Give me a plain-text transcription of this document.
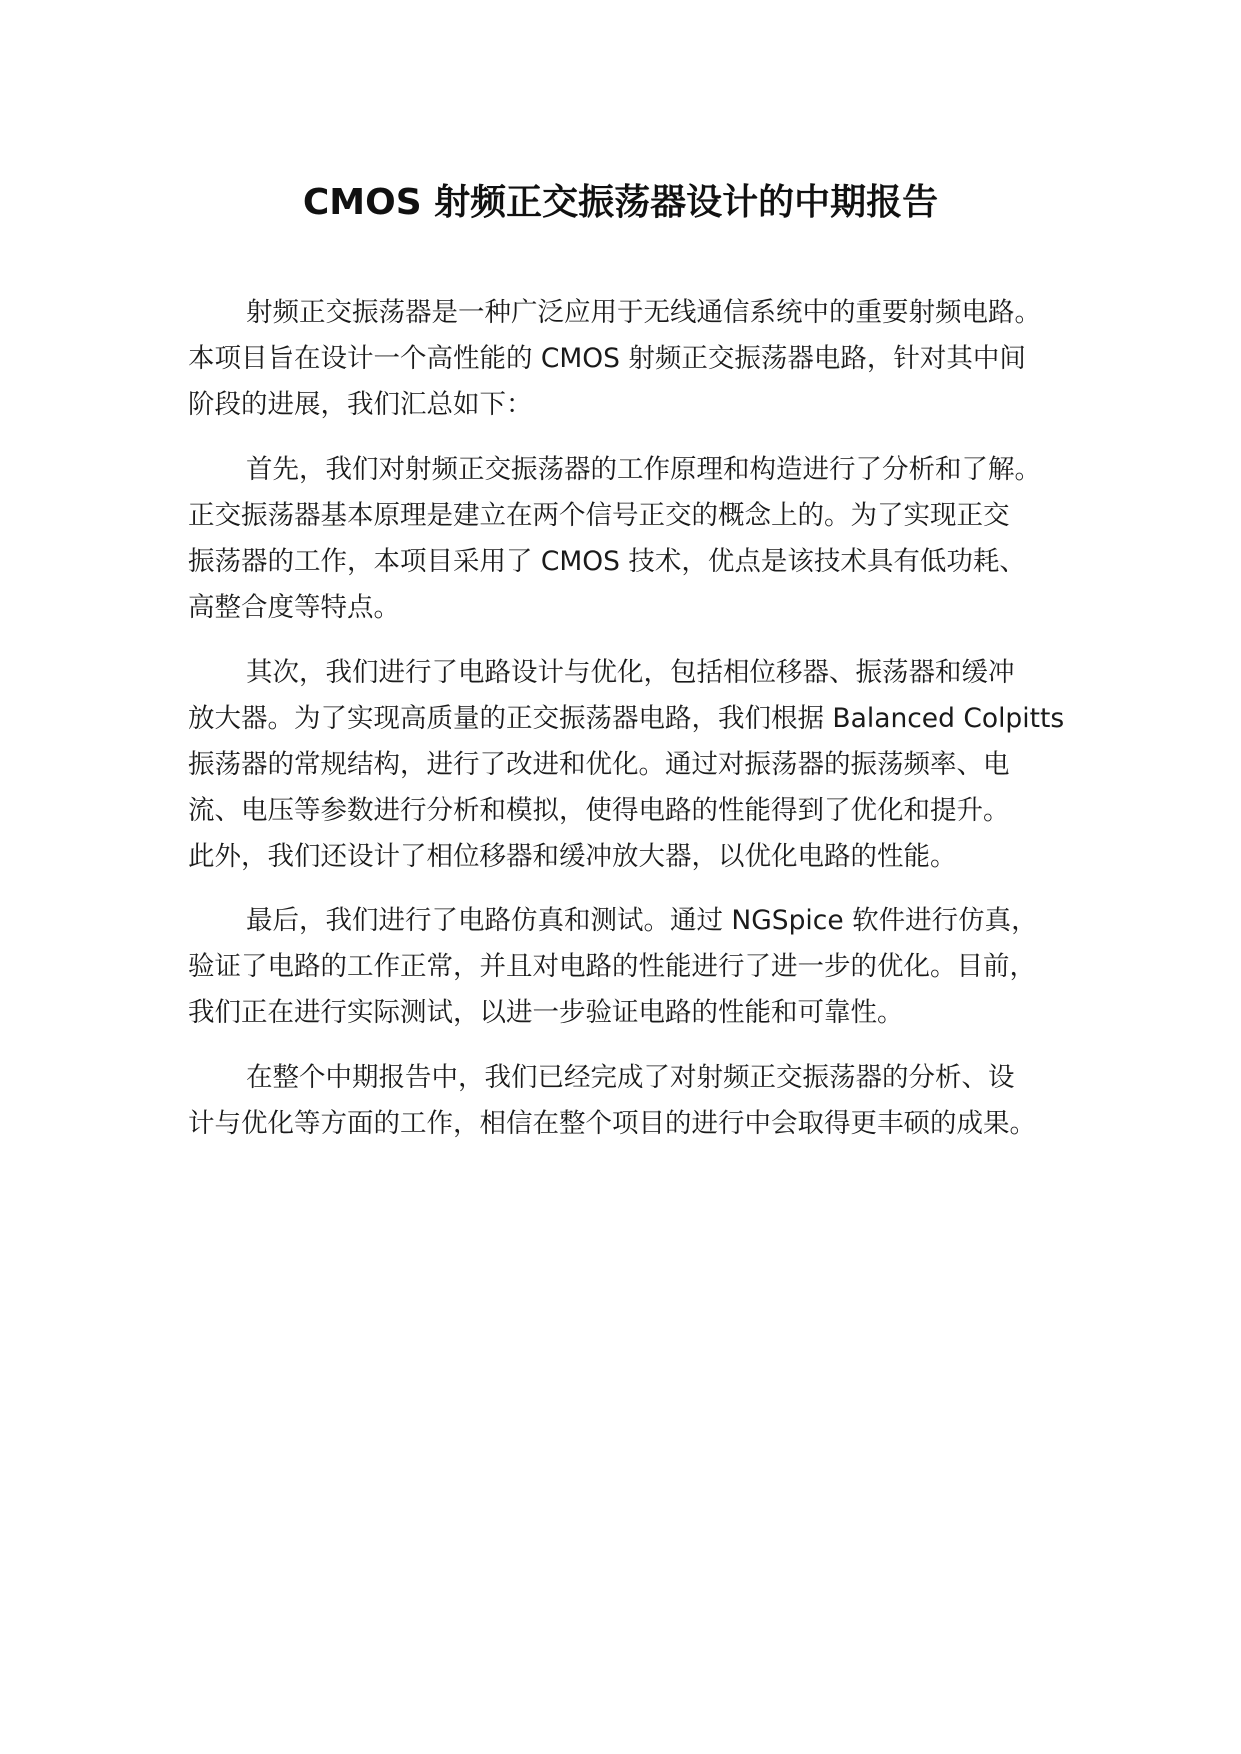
CMOS 射频正交振荡器设计的中期报告
射频正交振荡器是一种广泛应用于无线通信系统中的重要射频电路。
本项目旨在设计一个高性能的 CMOS 射频正交振荡器电路，针对其中间
阶段的进展，我们汇总如下：
首先，我们对射频正交振荡器的工作原理和构造进行了分析和了解。
正交振荡器基本原理是建立在两个信号正交的概念上的。为了实现正交
振荡器的工作，本项目采用了 CMOS 技术，优点是该技术具有低功耗、
高整合度等特点。
其次，我们进行了电路设计与优化，包括相位移器、振荡器和缓冲
放大器。为了实现高质量的正交振荡器电路，我们根据 Balanced Colpitts
振荡器的常规结构，进行了改进和优化。通过对振荡器的振荡频率、电
流、电压等参数进行分析和模拟，使得电路的性能得到了优化和提升。
此外，我们还设计了相位移器和缓冲放大器，以优化电路的性能。
最后，我们进行了电路仿真和测试。通过 NGSpice 软件进行仿真，
验证了电路的工作正常，并且对电路的性能进行了进一步的优化。目前，
我们正在进行实际测试，以进一步验证电路的性能和可靠性。
在整个中期报告中，我们已经完成了对射频正交振荡器的分析、设
计与优化等方面的工作，相信在整个项目的进行中会取得更丰硕的成果。
